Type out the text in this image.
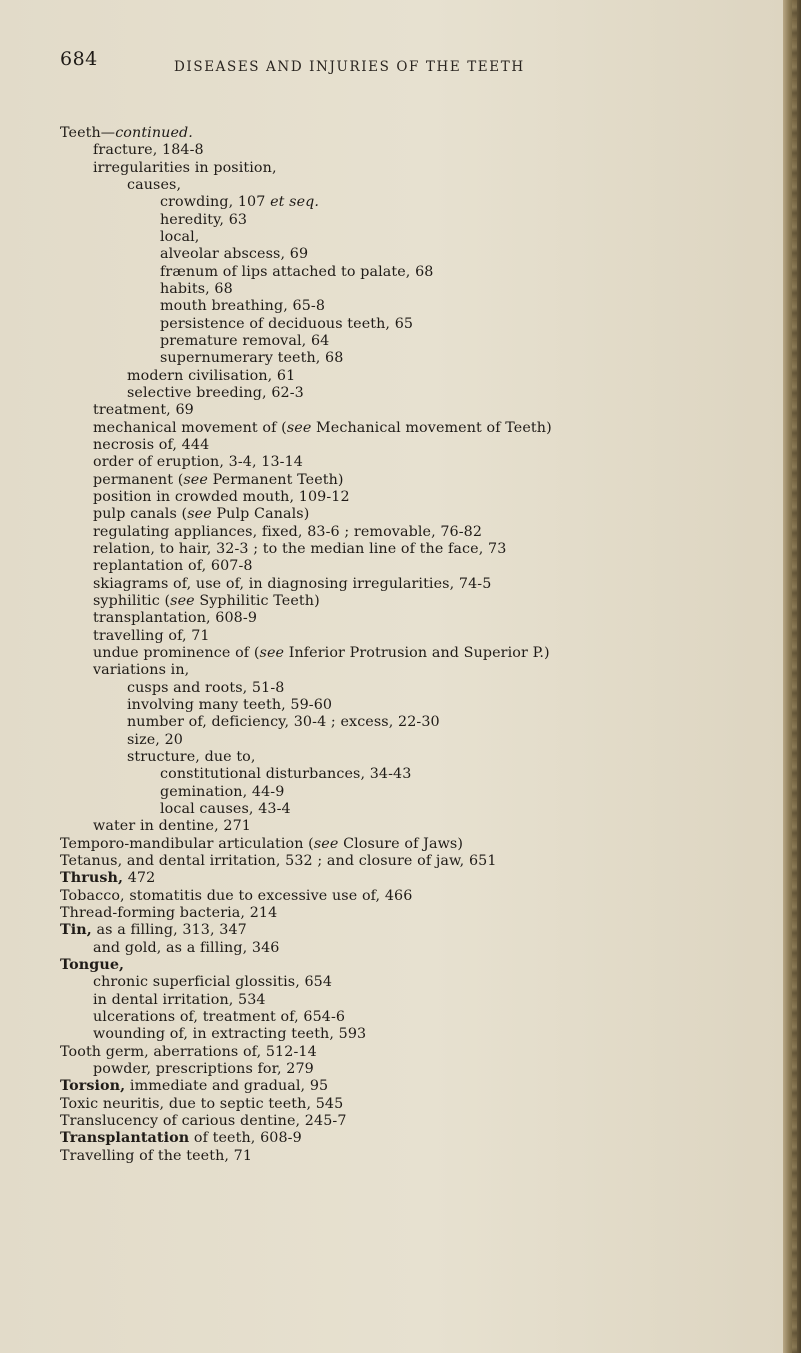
684	DISEASES AND INJURIES OF THE TEETH
Teeth—continued.
fracture, 184-8
irregularities in position,
causes,
crowding, 107 et seq.
heredity, 63
local,
alveolar abscess, 69
frænum of lips attached to palate, 68
habits, 68
mouth breathing, 65-8
persistence of deciduous teeth, 65
premature removal, 64
supernumerary teeth, 68
modern civilisation, 61
selective breeding, 62-3
treatment, 69
mechanical movement of (see Mechanical movement of Teeth)
necrosis of, 444
order of eruption, 3-4, 13-14
permanent (see Permanent Teeth)
position in crowded mouth, 109-12
pulp canals (see Pulp Canals)
regulating appliances, fixed, 83-6 ; removable, 76-82
relation, to hair, 32-3 ; to the median line of the face, 73
replantation of, 607-8
skiagrams of, use of, in diagnosing irregularities, 74-5
syphilitic (see Syphilitic Teeth)
transplantation, 608-9
travelling of, 71
undue prominence of (see Inferior Protrusion and Superior P.)
variations in,
cusps and roots, 51-8
involving many teeth, 59-60
number of, deficiency, 30-4 ; excess, 22-30
size, 20
structure, due to,
constitutional disturbances, 34-43
gemination, 44-9
local causes, 43-4
water in dentine, 271
Temporo-mandibular articulation (see Closure of Jaws)
Tetanus, and dental irritation, 532 ; and closure of jaw, 651
Thrush, 472
Tobacco, stomatitis due to excessive use of, 466
Thread-forming bacteria, 214
Tin, as a filling, 313, 347
and gold, as a filling, 346
Tongue,
chronic superficial glossitis, 654
in dental irritation, 534
ulcerations of, treatment of, 654-6
wounding of, in extracting teeth, 593
Tooth germ, aberrations of, 512-14
powder, prescriptions for, 279
Torsion, immediate and gradual, 95
Toxic neuritis, due to septic teeth, 545
Translucency of carious dentine, 245-7
Transplantation of teeth, 608-9
Travelling of the teeth, 71
